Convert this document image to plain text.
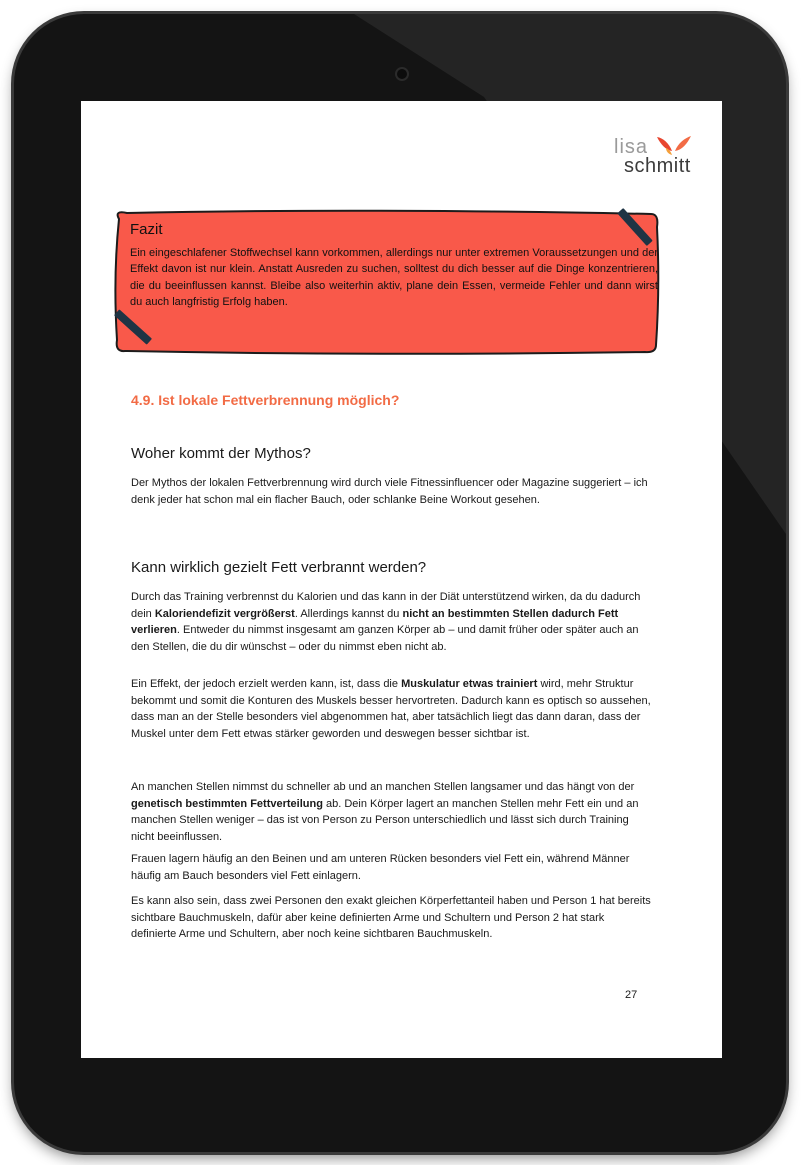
lisa
schmitt
Fazit
Ein eingeschlafener Stoffwechsel kann vorkommen, allerdings nur unter extremen Voraussetzungen und der Effekt davon ist nur klein. Anstatt Ausreden zu suchen, solltest du dich besser auf die Dinge konzentrieren, die du beeinflussen kannst. Bleibe also weiterhin aktiv, plane dein Essen, vermeide Fehler und dann wirst du auch langfristig Erfolg haben.
4.9. Ist lokale Fettverbrennung möglich?
Woher kommt der Mythos?
Der Mythos der lokalen Fettverbrennung wird durch viele Fitnessinfluencer oder Magazine suggeriert – ich denk jeder hat schon mal ein flacher Bauch, oder schlanke Beine Workout gesehen.
Kann wirklich gezielt Fett verbrannt werden?
Durch das Training verbrennst du Kalorien und das kann in der Diät unterstützend wirken, da du dadurch dein Kaloriendefizit vergrößerst. Allerdings kannst du nicht an bestimmten Stellen dadurch Fett verlieren. Entweder du nimmst insgesamt am ganzen Körper ab – und damit früher oder später auch an den Stellen, die du dir wünschst – oder du nimmst eben nicht ab.
Ein Effekt, der jedoch erzielt werden kann, ist, dass die Muskulatur etwas trainiert wird, mehr Struktur bekommt und somit die Konturen des Muskels besser hervortreten. Dadurch kann es optisch so aussehen, dass man an der Stelle besonders viel abgenommen hat, aber tatsächlich liegt das dann daran, dass der Muskel unter dem Fett etwas stärker geworden und deswegen besser sichtbar ist.
An manchen Stellen nimmst du schneller ab und an manchen Stellen langsamer und das hängt von der genetisch bestimmten Fettverteilung ab. Dein Körper lagert an manchen Stellen mehr Fett ein und an manchen Stellen weniger – das ist von Person zu Person unterschiedlich und lässt sich durch Training nicht beeinflussen.
Frauen lagern häufig an den Beinen und am unteren Rücken besonders viel Fett ein, während Männer häufig am Bauch besonders viel Fett einlagern.
Es kann also sein, dass zwei Personen den exakt gleichen Körperfettanteil haben und Person 1 hat bereits sichtbare Bauchmuskeln, dafür aber keine definierten Arme und Schultern und Person 2 hat stark definierte Arme und Schultern, aber noch keine sichtbaren Bauchmuskeln.
27
